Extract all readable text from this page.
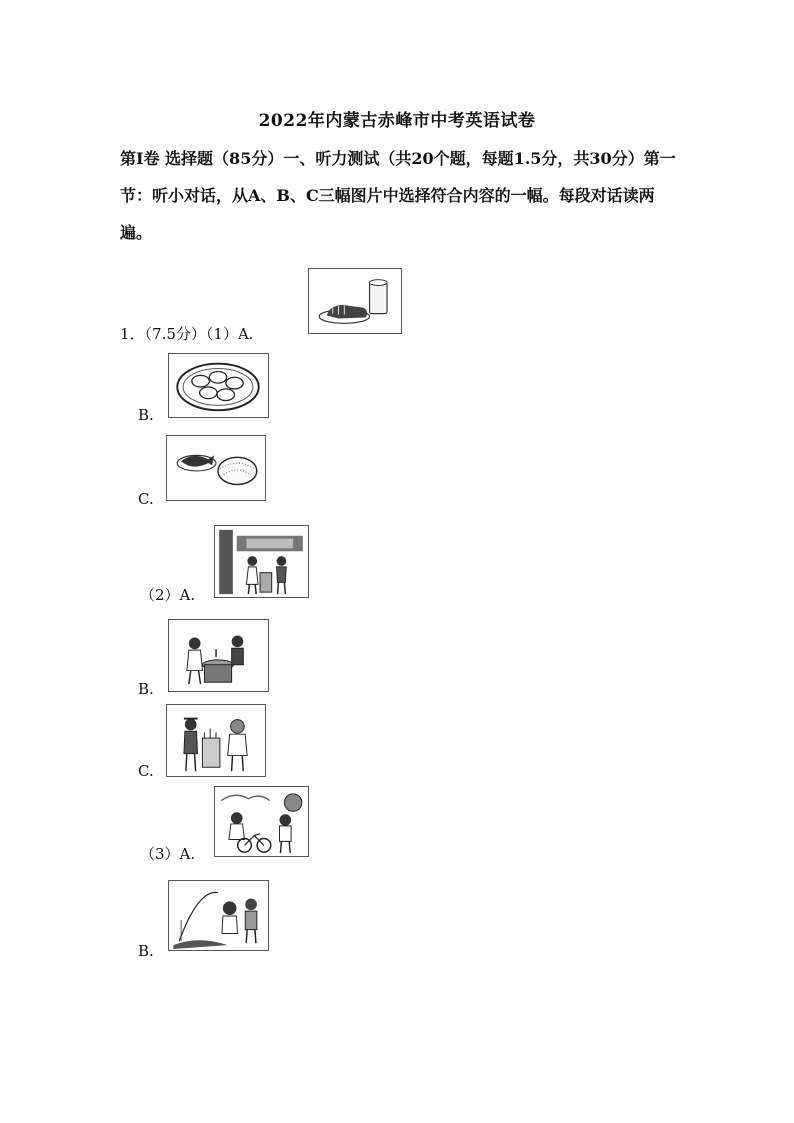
2022年内蒙古赤峰市中考英语试卷
第I卷 选择题（85分）一、听力测试（共20个题，每题1.5分，共30分）第一节：听小对话，从A、B、C三幅图片中选择符合内容的一幅。每段对话读两遍。
1．（7.5分）（1）A.
B.
C.
（2）A.
B.
C.
（3）A.
B.
